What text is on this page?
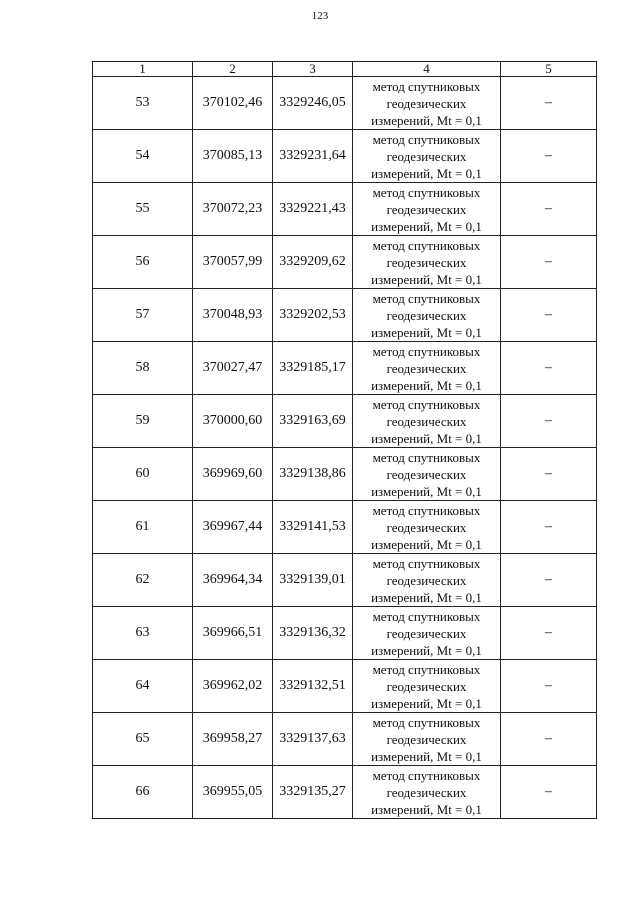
123
1	2	3	4	5
53	370102,46	3329246,05	метод спутниковых
геодезических
измерений, Mt = 0,1	–
54	370085,13	3329231,64	метод спутниковых
геодезических
измерений, Mt = 0,1	–
55	370072,23	3329221,43	метод спутниковых
геодезических
измерений, Mt = 0,1	–
56	370057,99	3329209,62	метод спутниковых
геодезических
измерений, Mt = 0,1	–
57	370048,93	3329202,53	метод спутниковых
геодезических
измерений, Mt = 0,1	–
58	370027,47	3329185,17	метод спутниковых
геодезических
измерений, Mt = 0,1	–
59	370000,60	3329163,69	метод спутниковых
геодезических
измерений, Mt = 0,1	–
60	369969,60	3329138,86	метод спутниковых
геодезических
измерений, Mt = 0,1	–
61	369967,44	3329141,53	метод спутниковых
геодезических
измерений, Mt = 0,1	–
62	369964,34	3329139,01	метод спутниковых
геодезических
измерений, Mt = 0,1	–
63	369966,51	3329136,32	метод спутниковых
геодезических
измерений, Mt = 0,1	–
64	369962,02	3329132,51	метод спутниковых
геодезических
измерений, Mt = 0,1	–
65	369958,27	3329137,63	метод спутниковых
геодезических
измерений, Mt = 0,1	–
66	369955,05	3329135,27	метод спутниковых
геодезических
измерений, Mt = 0,1	–
